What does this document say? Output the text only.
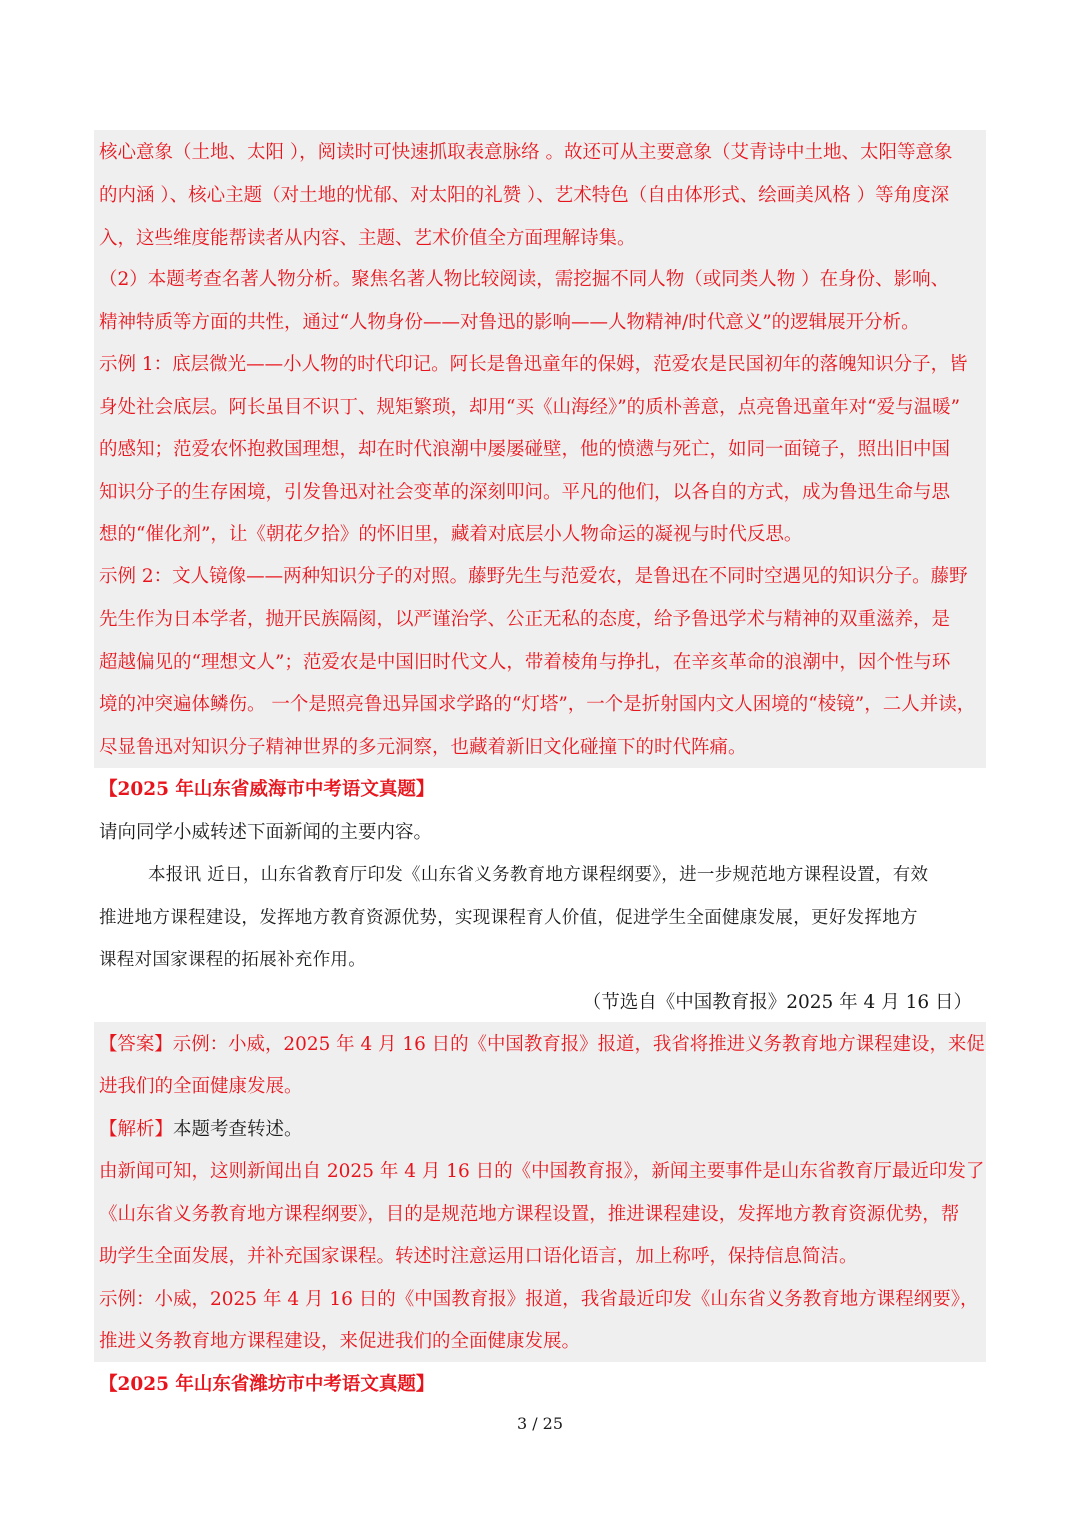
核心意象（土地、太阳 ），阅读时可快速抓取表意脉络 。故还可从主要意象（艾青诗中土地、太阳等意象
的内涵 ）、核心主题（对土地的忧郁、对太阳的礼赞 ）、艺术特色（自由体形式、绘画美风格 ）等角度深
入，这些维度能帮读者从内容、主题、艺术价值全方面理解诗集。
（2）本题考查名著人物分析。聚焦名著人物比较阅读，需挖掘不同人物（或同类人物 ）在身份、影响、
精神特质等方面的共性，通过“人物身份——对鲁迅的影响——人物精神/时代意义”的逻辑展开分析。
示例 1：底层微光——小人物的时代印记。阿长是鲁迅童年的保姆，范爱农是民国初年的落魄知识分子，皆
身处社会底层。阿长虽目不识丁、规矩繁琐，却用“买《山海经》”的质朴善意，点亮鲁迅童年对“爱与温暖”
的感知；范爱农怀抱救国理想，却在时代浪潮中屡屡碰壁，他的愤懑与死亡，如同一面镜子，照出旧中国
知识分子的生存困境，引发鲁迅对社会变革的深刻叩问。平凡的他们，以各自的方式，成为鲁迅生命与思
想的“催化剂”，让《朝花夕拾》的怀旧里，藏着对底层小人物命运的凝视与时代反思。
示例 2：文人镜像——两种知识分子的对照。藤野先生与范爱农，是鲁迅在不同时空遇见的知识分子。藤野
先生作为日本学者，抛开民族隔阂，以严谨治学、公正无私的态度，给予鲁迅学术与精神的双重滋养，是
超越偏见的“理想文人”；范爱农是中国旧时代文人，带着棱角与挣扎，在辛亥革命的浪潮中，因个性与环
境的冲突遍体鳞伤。 一个是照亮鲁迅异国求学路的“灯塔”，一个是折射国内文人困境的“棱镜”，二人并读，
尽显鲁迅对知识分子精神世界的多元洞察，也藏着新旧文化碰撞下的时代阵痛。
【2025 年山东省威海市中考语文真题】
请向同学小威转述下面新闻的主要内容。
本报讯 近日，山东省教育厅印发《山东省义务教育地方课程纲要》，进一步规范地方课程设置，有效
推进地方课程建设，发挥地方教育资源优势，实现课程育人价值，促进学生全面健康发展，更好发挥地方
课程对国家课程的拓展补充作用。
（节选自《中国教育报》2025 年 4 月 16 日）
【答案】示例：小威，2025 年 4 月 16 日的《中国教育报》报道，我省将推进义务教育地方课程建设，来促
进我们的全面健康发展。
【解析】本题考查转述。
由新闻可知，这则新闻出自 2025 年 4 月 16 日的《中国教育报》，新闻主要事件是山东省教育厅最近印发了
《山东省义务教育地方课程纲要》，目的是规范地方课程设置，推进课程建设，发挥地方教育资源优势，帮
助学生全面发展，并补充国家课程。转述时注意运用口语化语言，加上称呼，保持信息简洁。
示例：小威，2025 年 4 月 16 日的《中国教育报》报道，我省最近印发《山东省义务教育地方课程纲要》，
推进义务教育地方课程建设，来促进我们的全面健康发展。
【2025 年山东省潍坊市中考语文真题】
3 / 25
